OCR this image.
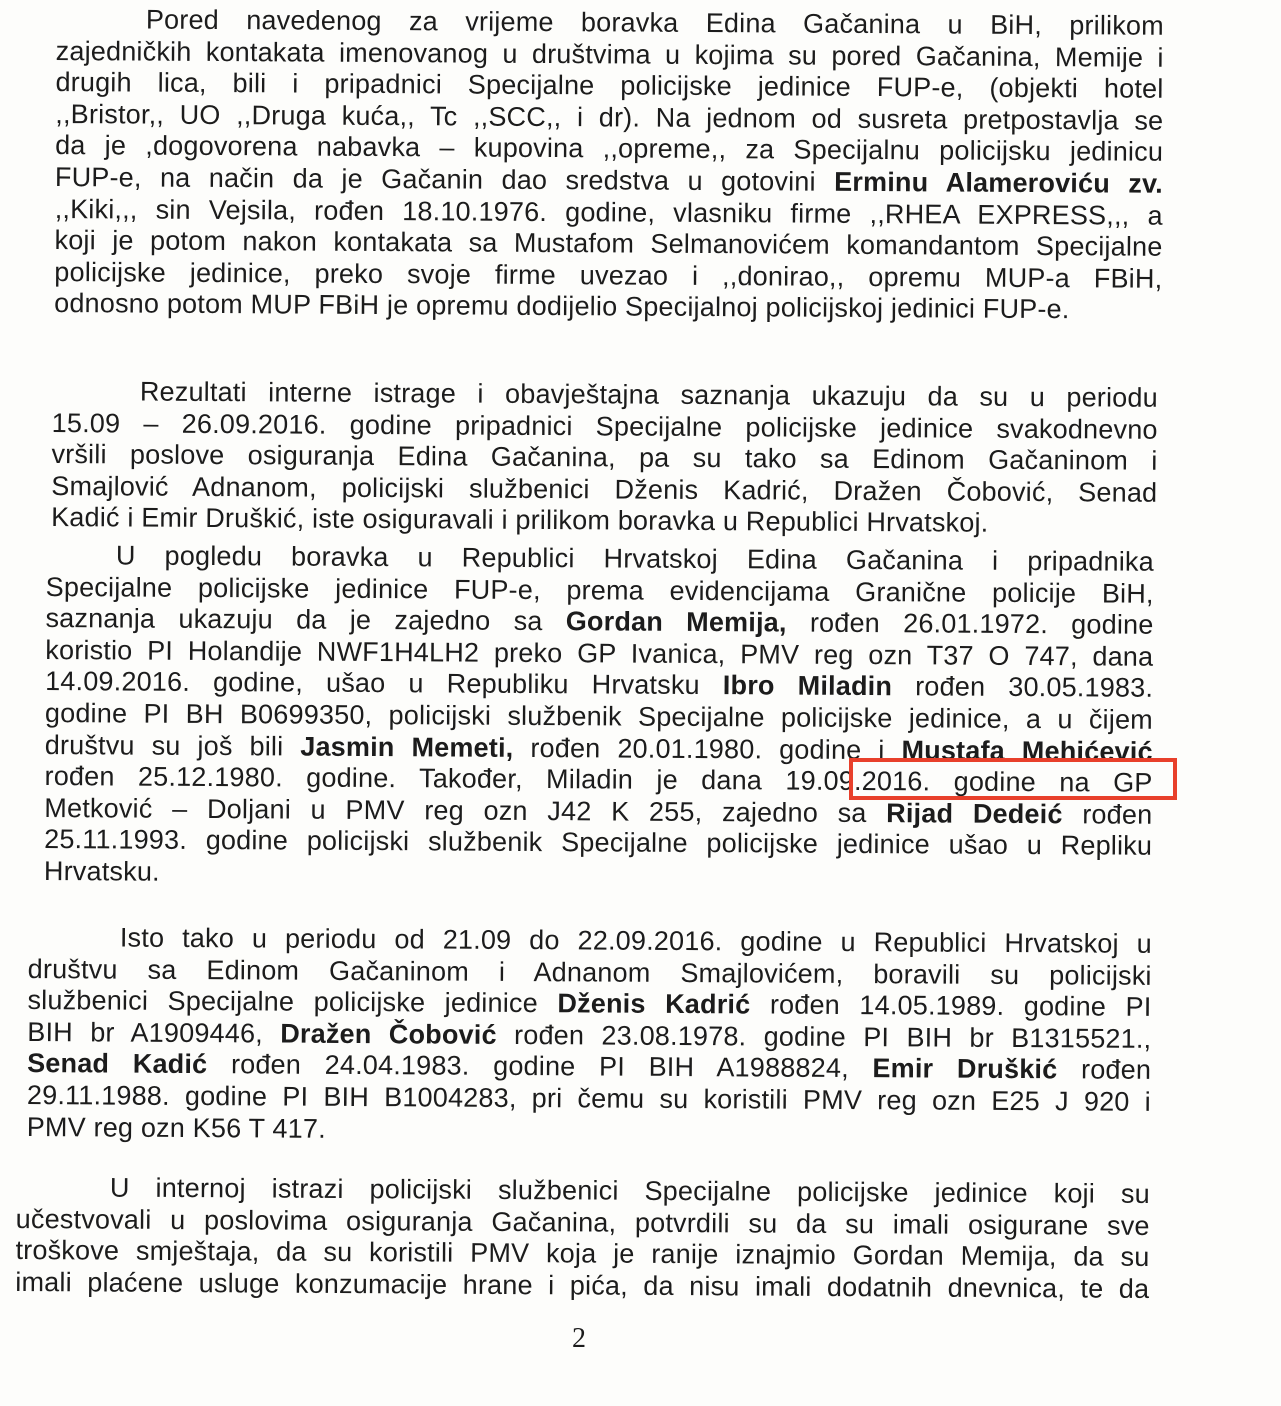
Pored navedenog za vrijeme boravka Edina Gačanina u BiH, prilikom
zajedničkih kontakata imenovanog u društvima u kojima su pored Gačanina, Memije i
drugih lica, bili i pripadnici Specijalne policijske jedinice FUP-e, (objekti hotel
,,Bristor,, UO ,,Druga kuća,, Tc ,,SCC,, i dr). Na jednom od susreta pretpostavlja se
da je ,dogovorena nabavka – kupovina ,,opreme,, za Specijalnu policijsku jedinicu
FUP-e, na način da je Gačanin dao sredstva u gotovini Erminu Alameroviću zv.
,,Kiki,,, sin Vejsila, rođen 18.10.1976. godine, vlasniku firme ,,RHEA EXPRESS,,, a
koji je potom nakon kontakata sa Mustafom Selmanovićem komandantom Specijalne
policijske jedinice, preko svoje firme uvezao i ,,donirao,, opremu MUP-a FBiH,
odnosno potom MUP FBiH je opremu dodijelio Specijalnoj policijskoj jedinici FUP-e.
Rezultati interne istrage i obavještajna saznanja ukazuju da su u periodu
15.09 – 26.09.2016. godine pripadnici Specijalne policijske jedinice svakodnevno
vršili poslove osiguranja Edina Gačanina, pa su tako sa Edinom Gačaninom i
Smajlović Adnanom, policijski službenici Dženis Kadrić, Dražen Čobović, Senad
Kadić i Emir Druškić, iste osiguravali i prilikom boravka u Republici Hrvatskoj.
U pogledu boravka u Republici Hrvatskoj Edina Gačanina i pripadnika
Specijalne policijske jedinice FUP-e, prema evidencijama Granične policije BiH,
saznanja ukazuju da je zajedno sa Gordan Memija, rođen 26.01.1972. godine
koristio PI Holandije NWF1H4LH2 preko GP Ivanica, PMV reg ozn T37 O 747, dana
14.09.2016. godine, ušao u Republiku Hrvatsku Ibro Miladin rođen 30.05.1983.
godine PI BH B0699350, policijski službenik Specijalne policijske jedinice, a u čijem
društvu su još bili Jasmin Memeti, rođen 20.01.1980. godine i Mustafa Mehićević
rođen 25.12.1980. godine. Također, Miladin je dana 19.09.2016. godine na GP
Metković – Doljani u PMV reg ozn J42 K 255, zajedno sa Rijad Dedeić rođen
25.11.1993. godine policijski službenik Specijalne policijske jedinice ušao u Repliku
Hrvatsku.
Isto tako u periodu od 21.09 do 22.09.2016. godine u Republici Hrvatskoj u
društvu sa Edinom Gačaninom i Adnanom Smajlovićem, boravili su policijski
službenici Specijalne policijske jedinice Dženis Kadrić rođen 14.05.1989. godine PI
BIH br A1909446, Dražen Čobović rođen 23.08.1978. godine PI BIH br B1315521.,
Senad Kadić rođen 24.04.1983. godine PI BIH A1988824, Emir Druškić rođen
29.11.1988. godine PI BIH B1004283, pri čemu su koristili PMV reg ozn E25 J 920 i
PMV reg ozn K56 T 417.
U internoj istrazi policijski službenici Specijalne policijske jedinice koji su
učestvovali u poslovima osiguranja Gačanina, potvrdili su da su imali osigurane sve
troškove smještaja, da su koristili PMV koja je ranije iznajmio Gordan Memija, da su
imali plaćene usluge konzumacije hrane i pića, da nisu imali dodatnih dnevnica, te da
2
